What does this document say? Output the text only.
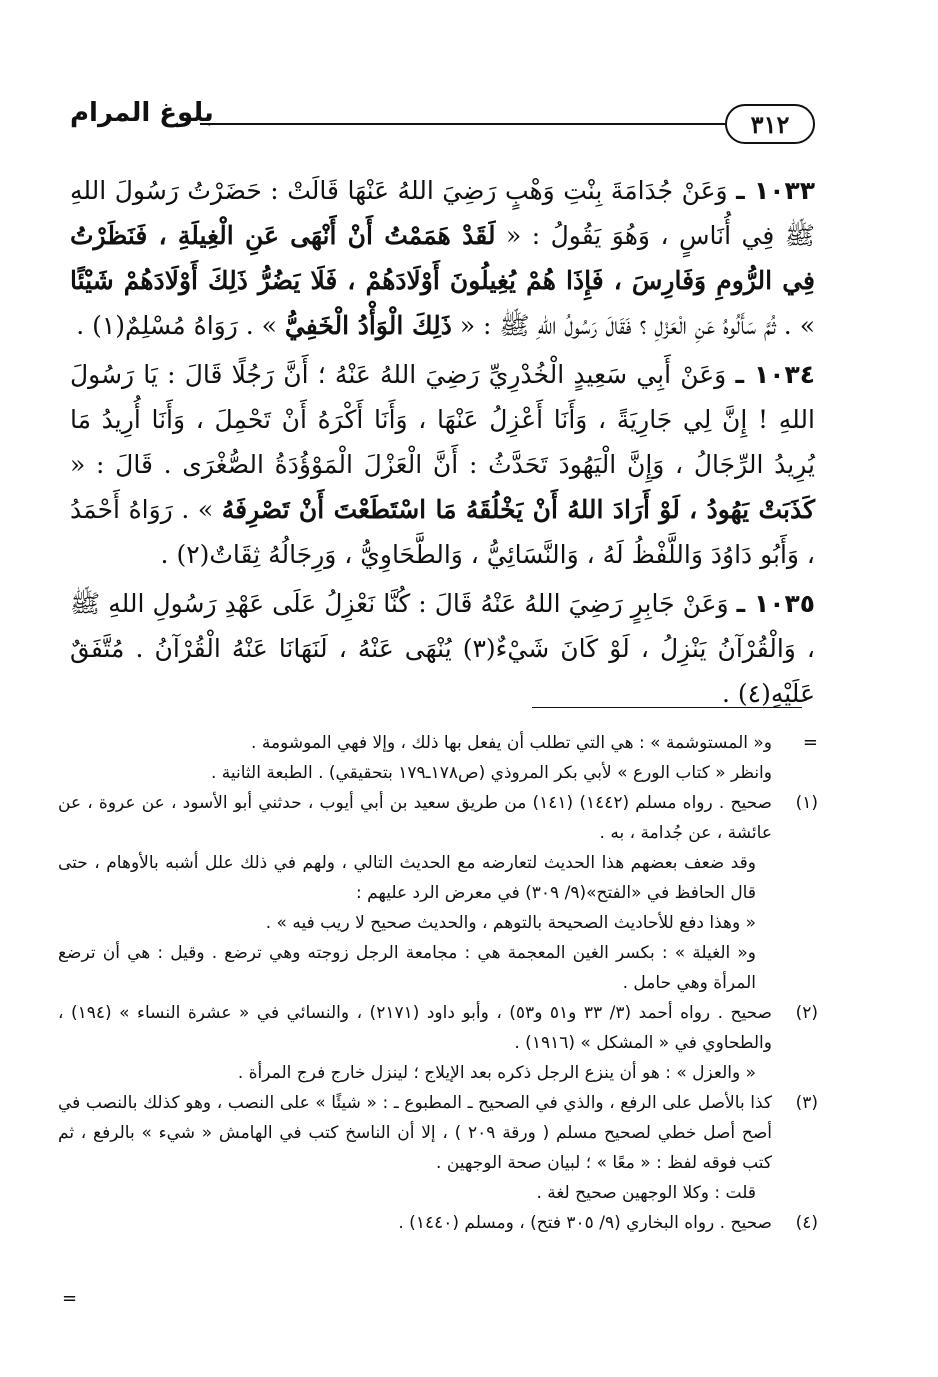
٣١٢
بلوغ المرام

١٠٣٣ ـ وَعَنْ جُدَامَةَ بِنْتِ وَهْبٍ رَضِيَ اللهُ عَنْهَا قَالَتْ : حَضَرْتُ رَسُولَ اللهِ ﷺ فِي أُنَاسٍ ، وَهُوَ يَقُولُ : « لَقَدْ هَمَمْتُ أَنْ أَنْهَى عَنِ الْغِيلَةِ ، فَنَظَرْتُ فِي الرُّومِ وَفَارِسَ ، فَإِذَا هُمْ يُغِيلُونَ أَوْلَادَهُمْ ، فَلَا يَضُرُّ ذَلِكَ أَوْلَادَهُمْ شَيْئًا » . ثُمَّ سَأَلُوهُ عَنِ الْعَزْلِ ؟ فَقَالَ رَسُولُ اللهِ ﷺ : « ذَلِكَ الْوَأْدُ الْخَفِيُّ » . رَوَاهُ مُسْلِمٌ(١) .

١٠٣٤ ـ وَعَنْ أَبِي سَعِيدٍ الْخُدْرِيِّ رَضِيَ اللهُ عَنْهُ ؛ أَنَّ رَجُلًا قَالَ : يَا رَسُولَ اللهِ ! إِنَّ لِي جَارِيَةً ، وَأَنَا أَعْزِلُ عَنْهَا ، وَأَنَا أَكْرَهُ أَنْ تَحْمِلَ ، وَأَنَا أُرِيدُ مَا يُرِيدُ الرِّجَالُ ، وَإِنَّ الْيَهُودَ تَحَدَّثُ : أَنَّ الْعَزْلَ الْمَوْؤُدَةُ الصُّغْرَى . قَالَ : « كَذَبَتْ يَهُودُ ، لَوْ أَرَادَ اللهُ أَنْ يَخْلُقَهُ مَا اسْتَطَعْتَ أَنْ تَصْرِفَهُ » . رَوَاهُ أَحْمَدُ ، وَأَبُو دَاوُدَ وَاللَّفْظُ لَهُ ، وَالنَّسَائِيُّ ، وَالطَّحَاوِيُّ ، وَرِجَالُهُ ثِقَاتٌ(٢) .

١٠٣٥ ـ وَعَنْ جَابِرٍ رَضِيَ اللهُ عَنْهُ قَالَ : كُنَّا نَعْزِلُ عَلَى عَهْدِ رَسُولِ اللهِ ﷺ ، وَالْقُرْآنُ يَنْزِلُ ، لَوْ كَانَ شَيْءٌ(٣) يُنْهَى عَنْهُ ، لَنَهَانَا عَنْهُ الْقُرْآنُ . مُتَّفَقٌ عَلَيْهِ(٤) .

=

و« المستوشمة » : هي التي تطلب أن يفعل بها ذلك ، وإلا فهي الموشومة .

وانظر « كتاب الورع » لأبي بكر المروذي (ص١٧٨ـ١٧٩ بتحقيقي) . الطبعة الثانية .

(١)

صحيح . رواه مسلم (١٤٤٢) (١٤١) من طريق سعيد بن أبي أيوب ، حدثني أبو الأسود ، عن عروة ، عن عائشة ، عن جُدامة ، به .

وقد ضعف بعضهم هذا الحديث لتعارضه مع الحديث التالي ، ولهم في ذلك علل أشبه بالأوهام ، حتى قال الحافظ في «الفتح»(٩/ ٣٠٩) في معرض الرد عليهم :

« وهذا دفع للأحاديث الصحيحة بالتوهم ، والحديث صحيح لا ريب فيه » .

و« الغيلة » : بكسر الغين المعجمة هي : مجامعة الرجل زوجته وهي ترضع . وقيل : هي أن ترضع المرأة وهي حامل .

(٢)

صحيح . رواه أحمد (٣/ ٣٣ و٥١ و٥٣) ، وأبو داود (٢١٧١) ، والنسائي في « عشرة النساء » (١٩٤) ، والطحاوي في « المشكل » (١٩١٦) .

« والعزل » : هو أن ينزع الرجل ذكره بعد الإيلاج ؛ لينزل خارج فرج المرأة .

(٣)

كذا بالأصل على الرفع ، والذي في الصحيح ـ المطبوع ـ : « شيئًا » على النصب ، وهو كذلك بالنصب في أصح أصل خطي لصحيح مسلم ( ورقة ٢٠٩ ) ، إلا أن الناسخ كتب في الهامش « شيء » بالرفع ، ثم كتب فوقه لفظ : « معًا » ؛ لبيان صحة الوجهين .

قلت : وكلا الوجهين صحيح لغة .

(٤)

صحيح . رواه البخاري (٩/ ٣٠٥ فتح) ، ومسلم (١٤٤٠) .

=
